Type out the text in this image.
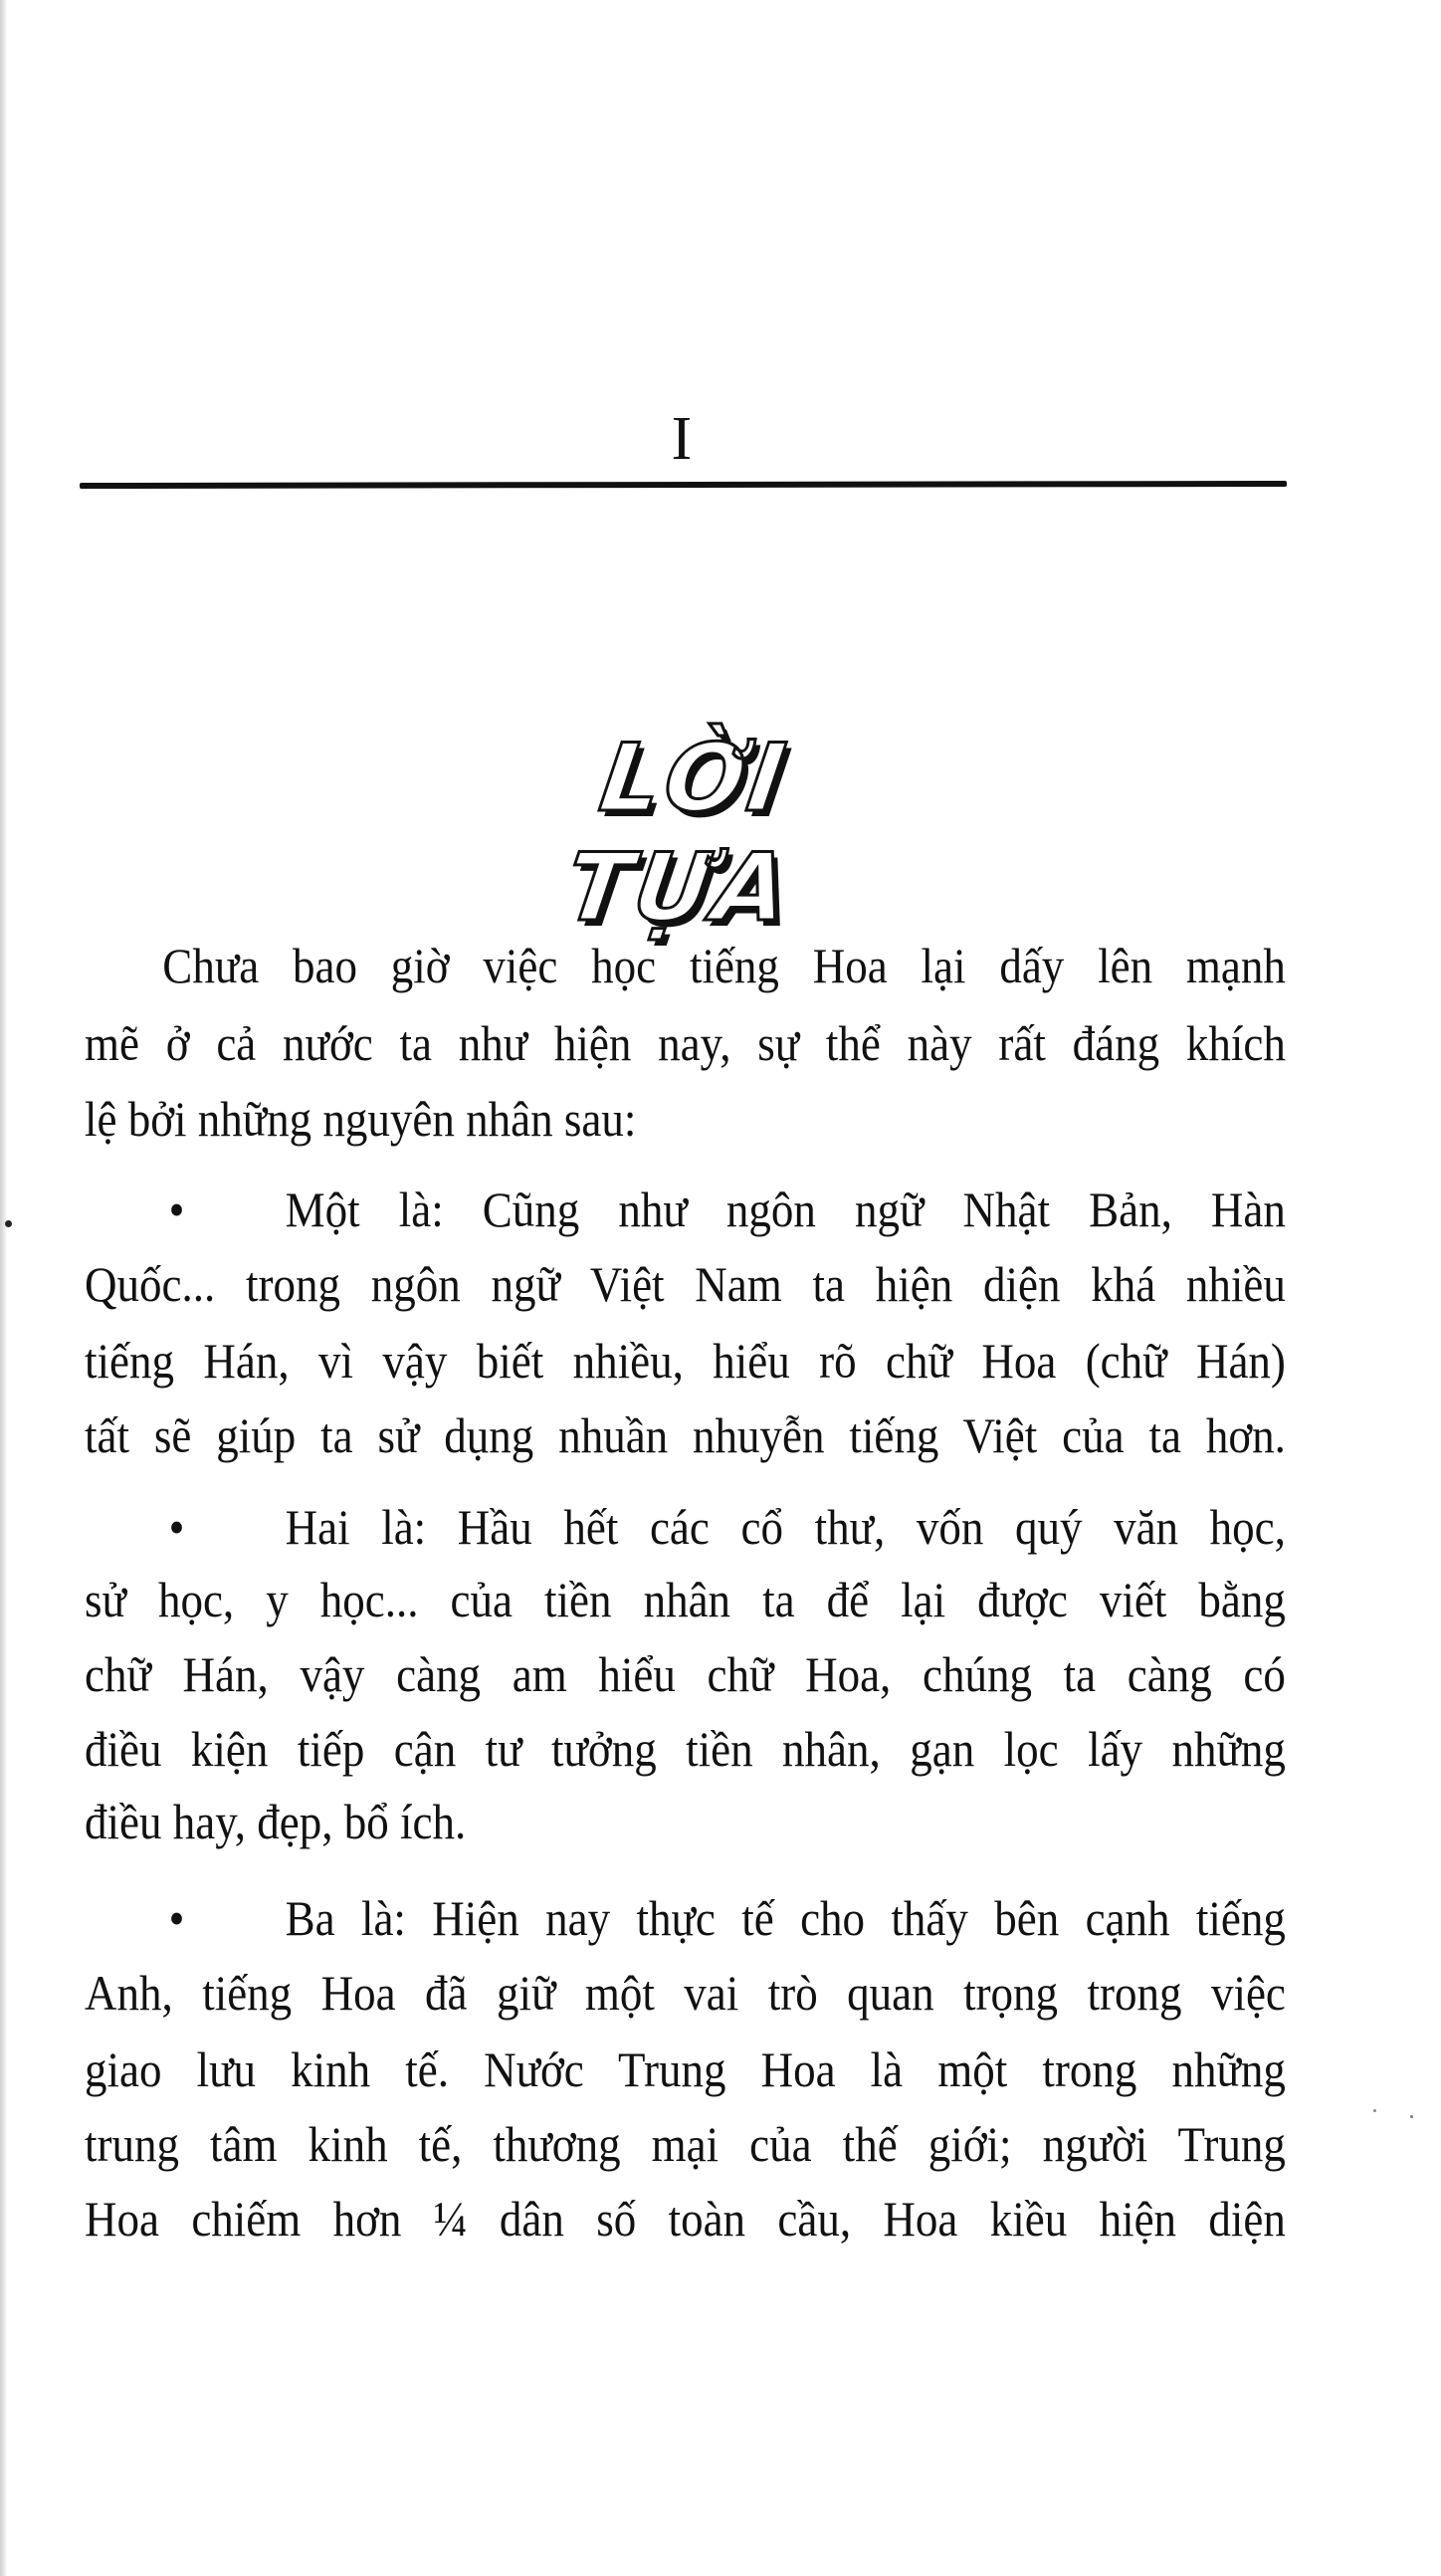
I
LỜI TỰA
Chưa bao giờ việc học tiếng Hoa lại dấy lên mạnh
mẽ ở cả nước ta như hiện nay, sự thể này rất đáng khích
lệ bởi những nguyên nhân sau:
•	Một là: Cũng như ngôn ngữ Nhật Bản, Hàn
Quốc... trong ngôn ngữ Việt Nam ta hiện diện khá nhiều
tiếng Hán, vì vậy biết nhiều, hiểu rõ chữ Hoa (chữ Hán)
tất sẽ giúp ta sử dụng nhuần nhuyễn tiếng Việt của ta hơn.
•	Hai là: Hầu hết các cổ thư, vốn quý văn học,
sử học, y học... của tiền nhân ta để lại được viết bằng
chữ Hán, vậy càng am hiểu chữ Hoa, chúng ta càng có
điều kiện tiếp cận tư tưởng tiền nhân, gạn lọc lấy những
điều hay, đẹp, bổ ích.
•	Ba là: Hiện nay thực tế cho thấy bên cạnh tiếng
Anh, tiếng Hoa đã giữ một vai trò quan trọng trong việc
giao lưu kinh tế. Nước Trung Hoa là một trong những
trung tâm kinh tế, thương mại của thế giới; người Trung
Hoa chiếm hơn ¼ dân số toàn cầu, Hoa kiều hiện diện
